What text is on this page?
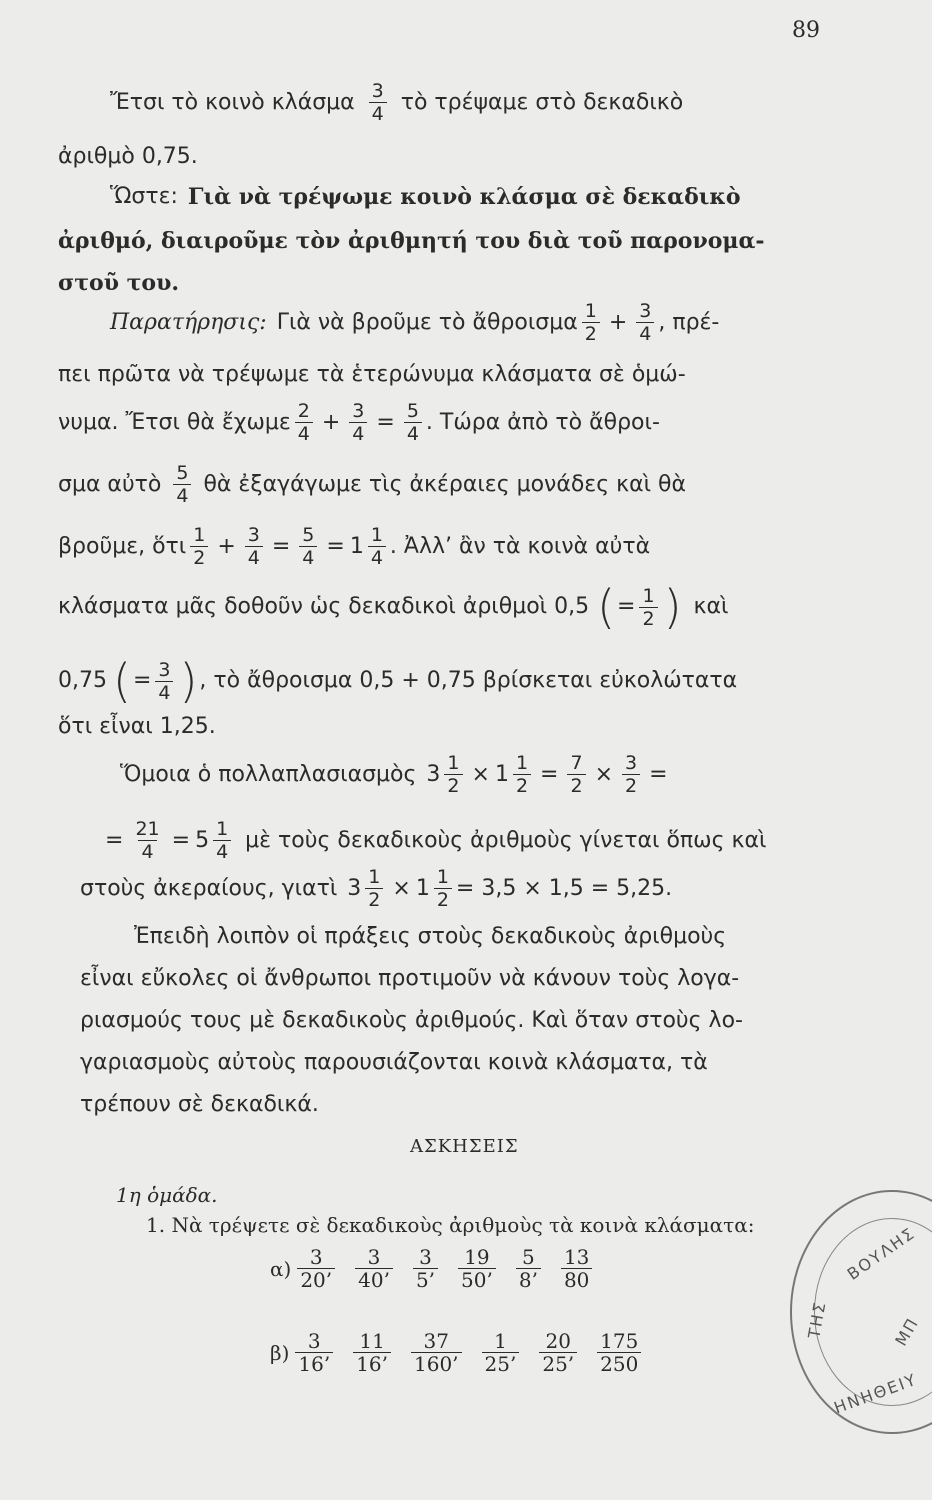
89
Ἔτσι τὸ κοινὸ κλάσμα $\frac{3}{4}$ τὸ τρέψαμε στὸ δεκαδικὸ
ἀριθμὸ 0,75.
Ὥστε: Γιὰ νὰ τρέψωμε κοινὸ κλάσμα σὲ δεκαδικὸ
ἀριθμό, διαιροῦμε τὸν ἀριθμητή του διὰ τοῦ παρονομα-
στοῦ του.
Παρατήρησις: Γιὰ νὰ βροῦμε τὸ ἄθροισμα $\frac{1}{2} + \frac{3}{4}$ , πρέ-
πει πρῶτα νὰ τρέψωμε τὰ ἑτερώνυμα κλάσματα σὲ ὁμώ-
νυμα. Ἔτσι θὰ ἔχωμε $\frac{2}{4} + \frac{3}{4} = \frac{5}{4}$ . Τώρα ἀπὸ τὸ ἄθροι-
σμα αὐτὸ $\frac{5}{4}$ θὰ ἐξαγάγωμε τὶς ἀκέραιες μονάδες καὶ θὰ
βροῦμε, ὅτι $\frac{1}{2} + \frac{3}{4} = \frac{5}{4} = 1 \frac{1}{4}$ . Ἀλλ’ ἂν τὰ κοινὰ αὐτὰ
κλάσματα μᾶς δοθοῦν ὡς δεκαδικοὶ ἀριθμοὶ 0,5 ( = $\frac{1}{2}$ ) καὶ
0,75 ( = $\frac{3}{4}$ ) , τὸ ἄθροισμα 0,5 + 0,75 βρίσκεται εὐκολώτατα
ὅτι εἶναι 1,25.
Ὅμοια ὁ πολλαπλασιασμὸς $3 \frac{1}{2} \times 1 \frac{1}{2} = \frac{7}{2} \times \frac{3}{2}$ =
= $\frac{21}{4} = 5 \frac{1}{4}$ μὲ τοὺς δεκαδικοὺς ἀριθμοὺς γίνεται ὅπως καὶ
στοὺς ἀκεραίους, γιατὶ $3 \frac{1}{2} \times 1 \frac{1}{2} = 3,5 \times 1,5 = 5,25$.
Ἐπειδὴ λοιπὸν οἱ πράξεις στοὺς δεκαδικοὺς ἀριθμοὺς
εἶναι εὔκολες οἱ ἄνθρωποι προτιμοῦν νὰ κάνουν τοὺς λογα-
ριασμούς τους μὲ δεκαδικοὺς ἀριθμούς. Καὶ ὅταν στοὺς λο-
γαριασμοὺς αὐτοὺς παρουσιάζονται κοινὰ κλάσματα, τὰ
τρέπουν σὲ δεκαδικά.
ΑΣΚΗΣΕΙΣ
1η ὁμάδα.
1. Νὰ τρέψετε σὲ δεκαδικοὺς ἀριθμοὺς τὰ κοινὰ κλάσματα:
$\alpha) \frac{3}{20’} \frac{3}{40’} \frac{3}{5’} \frac{19}{50’} \frac{5}{8’} \frac{13}{80}$
$\beta) \frac{3}{16’} \frac{11}{16’} \frac{37}{160’} \frac{1}{25’} \frac{20}{25’} \frac{175}{250}$
ΒΟΥΛΗΣ
ΤΗΣ
ΗΝΗΘΕΙΥ
ΜΠ
